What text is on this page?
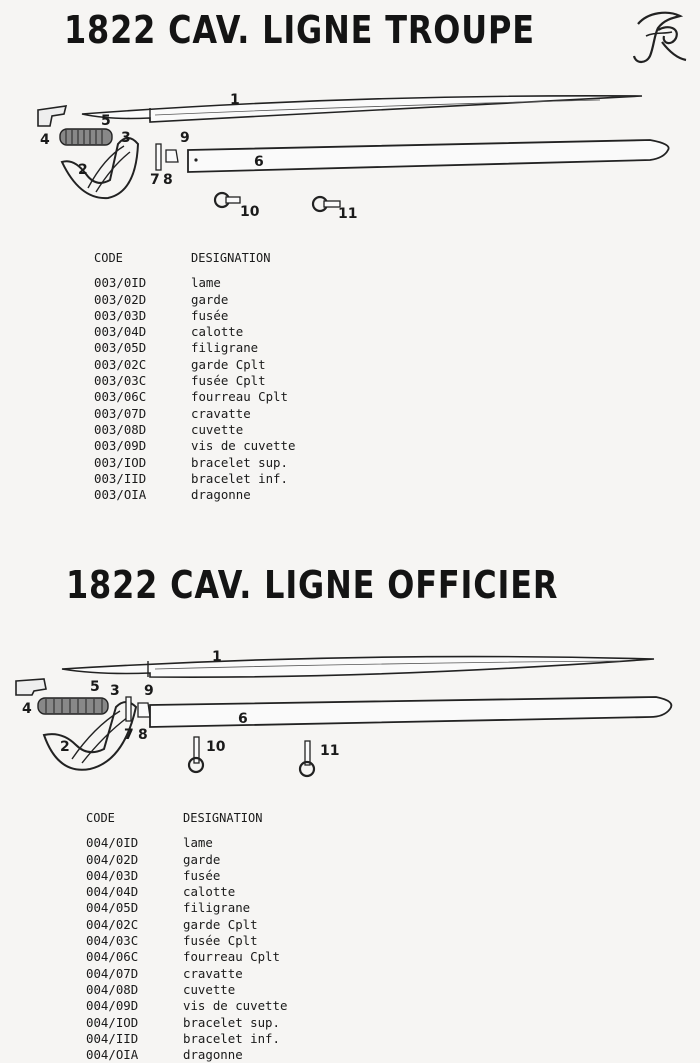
1822 CAV. LIGNE TROUPE
1
2
3
4
5
6
7 8
9
10	11
CODE	DESIGNATION
003/0ID	lame
003/02D	garde
003/03D	fusée
003/04D	calotte
003/05D	filigrane
003/02C	garde Cplt
003/03C	fusée Cplt
003/06C	fourreau Cplt
003/07D	cravatte
003/08D	cuvette
003/09D	vis de cuvette
003/IOD	bracelet sup.
003/IID	bracelet inf.
003/OIA	dragonne
1822 CAV. LIGNE OFFICIER
1
2
3
4
5
6
7 8
9
10	11
CODE	DESIGNATION
004/0ID	lame
004/02D	garde
004/03D	fusée
004/04D	calotte
004/05D	filigrane
004/02C	garde Cplt
004/03C	fusée Cplt
004/06C	fourreau Cplt
004/07D	cravatte
004/08D	cuvette
004/09D	vis de cuvette
004/IOD	bracelet sup.
004/IID	bracelet inf.
004/OIA	dragonne
